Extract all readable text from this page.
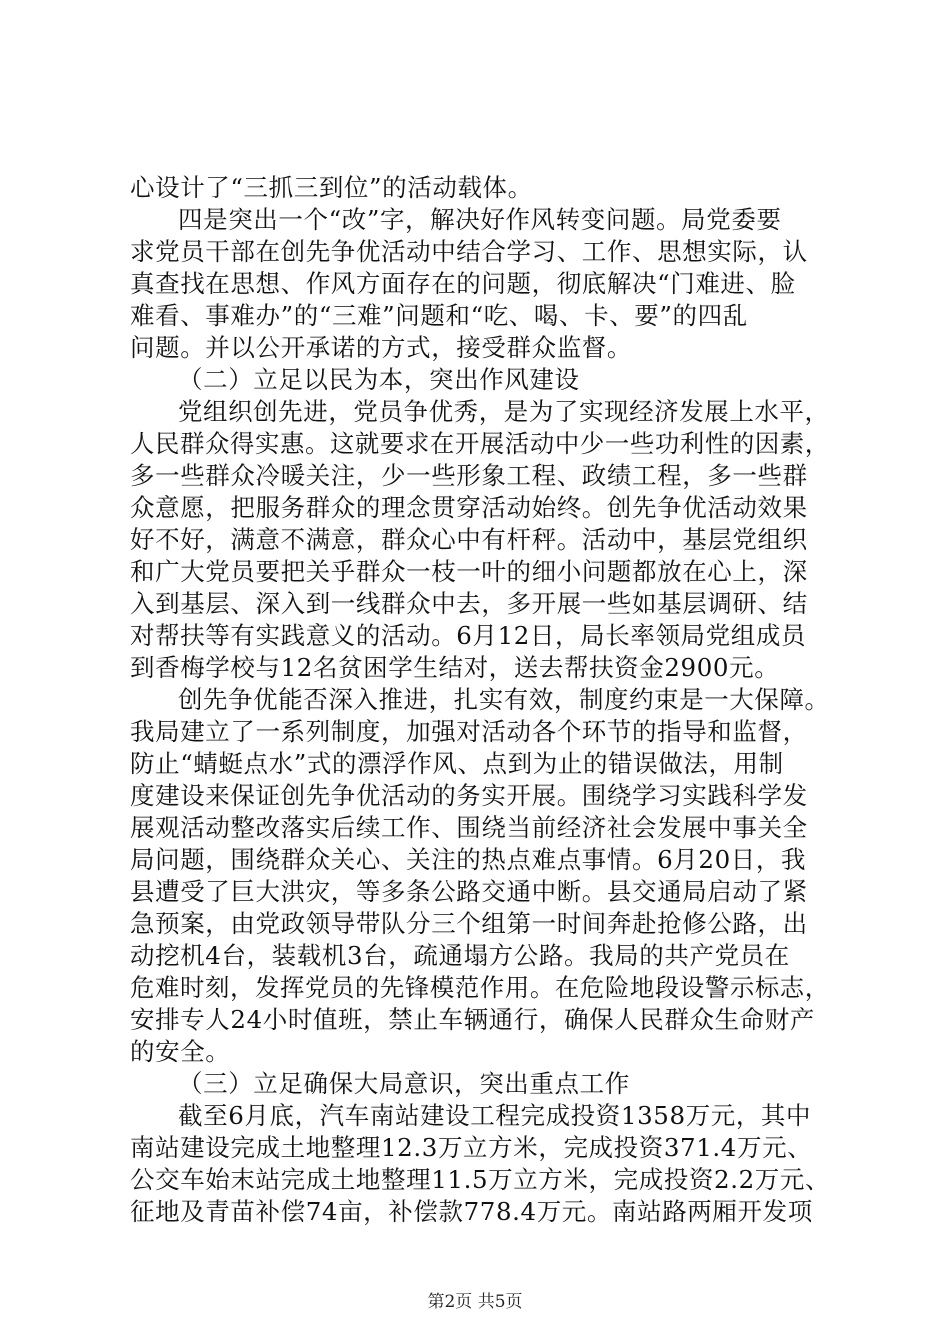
心设计了“三抓三到位”的活动载体。
四是突出一个“改”字，解决好作风转变问题。局党委要
求党员干部在创先争优活动中结合学习、工作、思想实际，认
真查找在思想、作风方面存在的问题，彻底解决“门难进、脸
难看、事难办”的“三难”问题和“吃、喝、卡、要”的四乱
问题。并以公开承诺的方式，接受群众监督。
（二）立足以民为本，突出作风建设
党组织创先进，党员争优秀，是为了实现经济发展上水平，
人民群众得实惠。这就要求在开展活动中少一些功利性的因素，
多一些群众冷暖关注，少一些形象工程、政绩工程，多一些群
众意愿，把服务群众的理念贯穿活动始终。创先争优活动效果
好不好，满意不满意，群众心中有杆秤。活动中，基层党组织
和广大党员要把关乎群众一枝一叶的细小问题都放在心上，深
入到基层、深入到一线群众中去，多开展一些如基层调研、结
对帮扶等有实践意义的活动。6月12日，局长率领局党组成员
到香梅学校与12名贫困学生结对，送去帮扶资金2900元。
创先争优能否深入推进，扎实有效，制度约束是一大保障。
我局建立了一系列制度，加强对活动各个环节的指导和监督，
防止“蜻蜓点水”式的漂浮作风、点到为止的错误做法，用制
度建设来保证创先争优活动的务实开展。围绕学习实践科学发
展观活动整改落实后续工作、围绕当前经济社会发展中事关全
局问题，围绕群众关心、关注的热点难点事情。6月20日，我
县遭受了巨大洪灾，等多条公路交通中断。县交通局启动了紧
急预案，由党政领导带队分三个组第一时间奔赴抢修公路，出
动挖机4台，装载机3台，疏通塌方公路。我局的共产党员在
危难时刻，发挥党员的先锋模范作用。在危险地段设警示标志，
安排专人24小时值班，禁止车辆通行，确保人民群众生命财产
的安全。
（三）立足确保大局意识，突出重点工作
截至6月底，汽车南站建设工程完成投资1358万元，其中
南站建设完成土地整理12.3万立方米，完成投资371.4万元、
公交车始末站完成土地整理11.5万立方米，完成投资2.2万元、
征地及青苗补偿74亩，补偿款778.4万元。南站路两厢开发项
第2页 共5页
